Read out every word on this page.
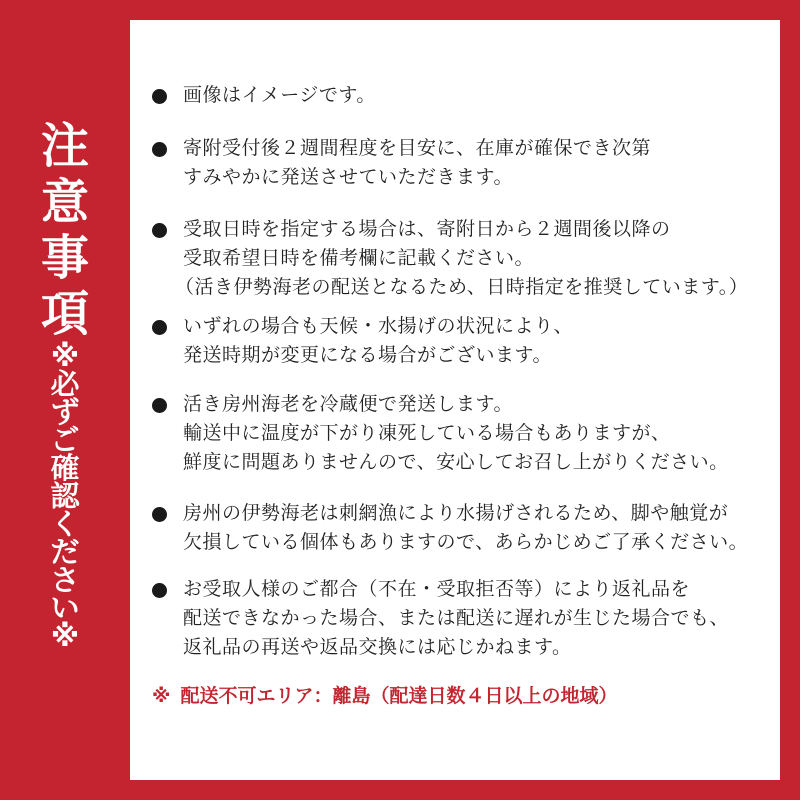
注
意
事
項
※
必
ず
ご
確
認
く
だ
さ
い
※
画像はイメージです。
寄附受付後２週間程度を目安に、在庫が確保でき次第
すみやかに発送させていただきます。
受取日時を指定する場合は、寄附日から２週間後以降の
受取希望日時を備考欄に記載ください。
（活き伊勢海老の配送となるため、日時指定を推奨しています。）
いずれの場合も天候・水揚げの状況により、
発送時期が変更になる場合がございます。
活き房州海老を冷蔵便で発送します。
輸送中に温度が下がり凍死している場合もありますが、
鮮度に問題ありませんので、安心してお召し上がりください。
房州の伊勢海老は刺網漁により水揚げされるため、脚や触覚が
欠損している個体もありますので、あらかじめご了承ください。
お受取人様のご都合（不在・受取拒否等）により返礼品を
配送できなかった場合、または配送に遅れが生じた場合でも、
返礼品の再送や返品交換には応じかねます。
※ 配送不可エリア：離島（配達日数４日以上の地域）
